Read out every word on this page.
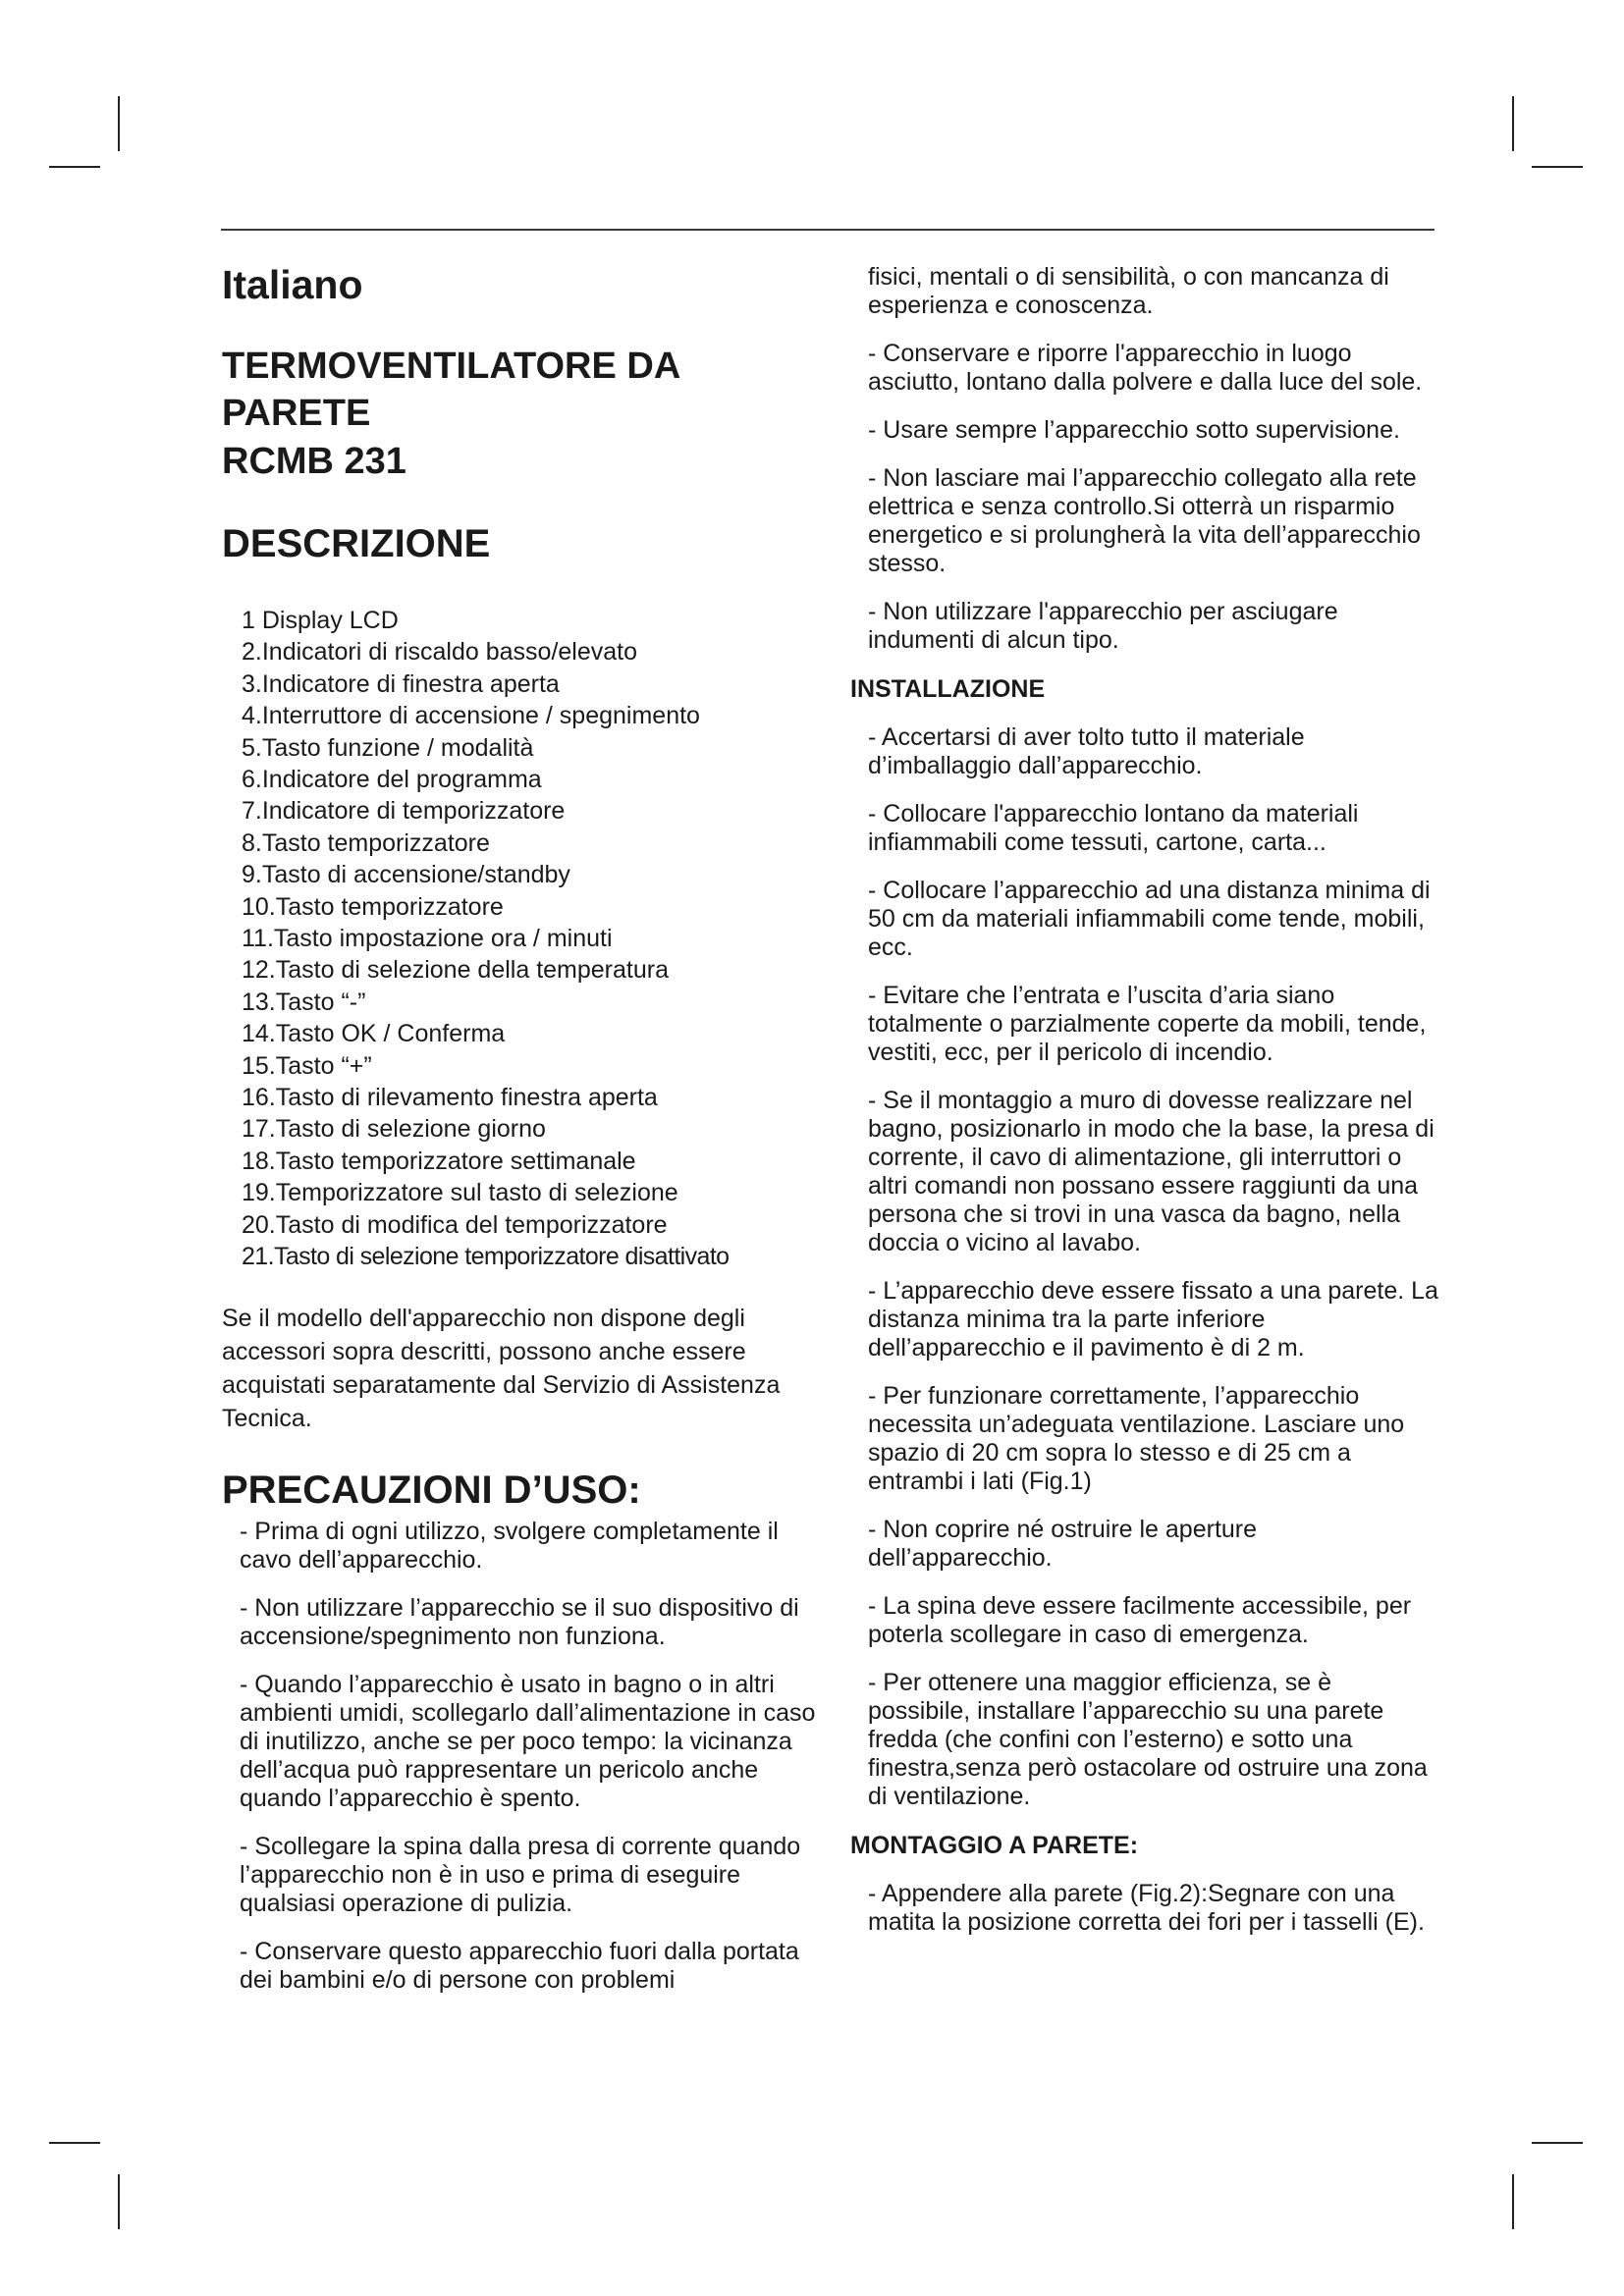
Italiano
TERMOVENTILATORE DA
PARETE
RCMB 231
DESCRIZIONE
1 Display LCD
2.Indicatori di riscaldo basso/elevato
3.Indicatore di finestra aperta
4.Interruttore di accensione / spegnimento
5.Tasto funzione / modalità
6.Indicatore del programma
7.Indicatore di temporizzatore
8.Tasto temporizzatore
9.Tasto di accensione/standby
10.Tasto temporizzatore
11.Tasto impostazione ora / minuti
12.Tasto di selezione della temperatura
13.Tasto “-”
14.Tasto OK / Conferma
15.Tasto “+”
16.Tasto di rilevamento finestra aperta
17.Tasto di selezione giorno
18.Tasto temporizzatore settimanale
19.Temporizzatore sul tasto di selezione
20.Tasto di modifica del temporizzatore
21.Tasto di selezione temporizzatore disattivato

Se il modello dell'apparecchio non dispone degli accessori sopra descritti, possono anche essere acquistati separatamente dal Servizio di Assistenza Tecnica.

PRECAUZIONI D’USO:

- Prima di ogni utilizzo, svolgere completamente il cavo dell’apparecchio.

- Non utilizzare l’apparecchio se il suo dispositivo di accensione/spegnimento non funziona.

- Quando l’apparecchio è usato in bagno o in altri ambienti umidi, scollegarlo dall’alimentazione in caso di inutilizzo, anche se per poco tempo: la vicinanza dell’acqua può rappresentare un pericolo anche quando l’apparecchio è spento.

- Scollegare la spina dalla presa di corrente quando l’apparecchio non è in uso e prima di eseguire qualsiasi operazione di pulizia.

- Conservare questo apparecchio fuori dalla portata dei bambini e/o di persone con problemi

fisici, mentali o di sensibilità, o con mancanza di esperienza e conoscenza.

- Conservare e riporre l'apparecchio in luogo asciutto, lontano dalla polvere e dalla luce del sole.

- Usare sempre l’apparecchio sotto supervisione.

- Non lasciare mai l’apparecchio collegato alla rete elettrica e senza controllo.Si otterrà un risparmio energetico e si prolungherà la vita dell’apparecchio stesso.

- Non utilizzare l'apparecchio per asciugare indumenti di alcun tipo.

INSTALLAZIONE

- Accertarsi di aver tolto tutto il materiale d’imballaggio dall’apparecchio.

- Collocare l'apparecchio lontano da materiali infiammabili come tessuti, cartone, carta...

- Collocare l’apparecchio ad una distanza minima di 50 cm da materiali infiammabili come tende, mobili, ecc.

- Evitare che l’entrata e l’uscita d’aria siano totalmente o parzialmente coperte da mobili, tende, vestiti, ecc, per il pericolo di incendio.

- Se il montaggio a muro di dovesse realizzare nel bagno, posizionarlo in modo che la base, la presa di corrente, il cavo di alimentazione, gli interruttori o altri comandi non possano essere raggiunti da una persona che si trovi in una vasca da bagno, nella doccia o vicino al lavabo.

- L’apparecchio deve essere fissato a una parete. La distanza minima tra la parte inferiore dell’apparecchio e il pavimento è di 2 m.

- Per funzionare correttamente, l’apparecchio necessita un’adeguata ventilazione. Lasciare uno spazio di 20 cm sopra lo stesso e di 25 cm a entrambi i lati (Fig.1)

- Non coprire né ostruire le aperture dell’apparecchio.

- La spina deve essere facilmente accessibile, per poterla scollegare in caso di emergenza.

- Per ottenere una maggior efficienza, se è possibile, installare l’apparecchio su una parete fredda (che confini con l’esterno) e sotto una finestra,senza però ostacolare od ostruire una zona di ventilazione.

MONTAGGIO A PARETE:

- Appendere alla parete (Fig.2):Segnare con una matita la posizione corretta dei fori per i tasselli (E).
